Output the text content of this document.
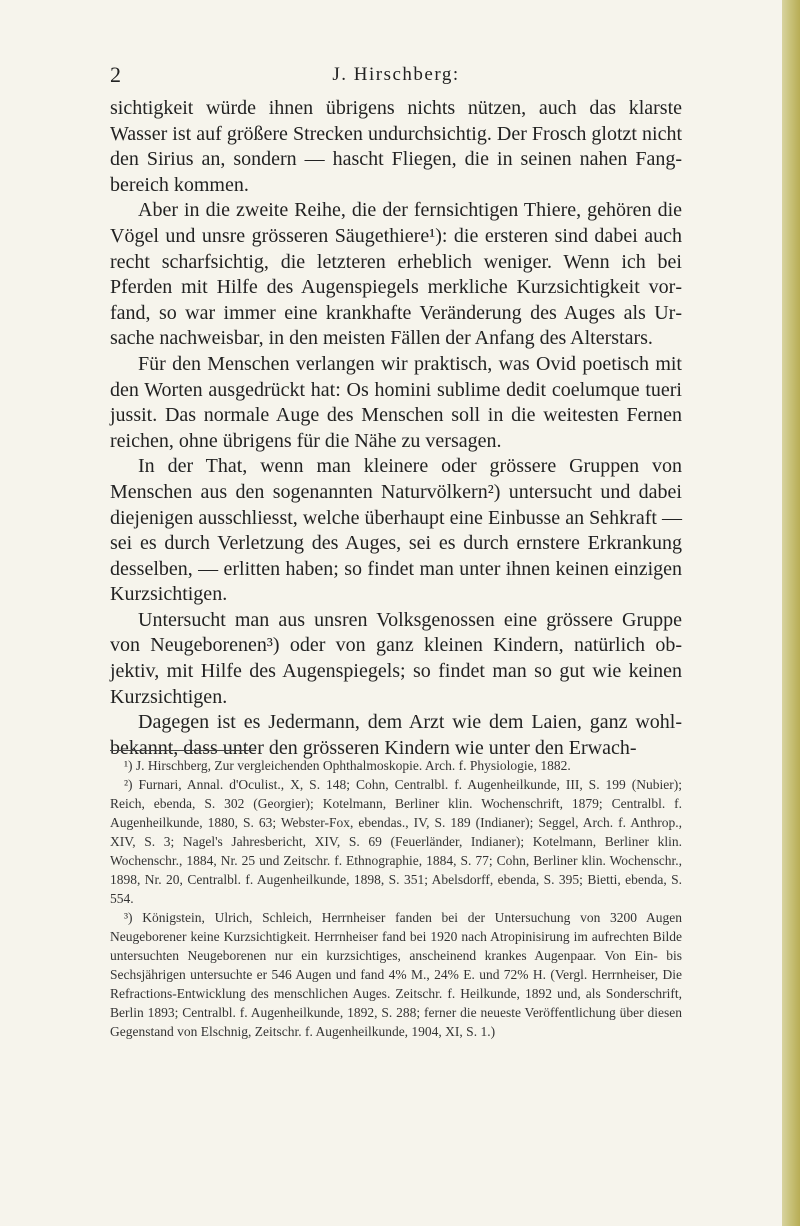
2	J. Hirschberg:

sichtigkeit würde ihnen übrigens nichts nützen, auch das klarste Wasser ist auf größere Strecken undurchsichtig. Der Frosch glotzt nicht den Sirius an, sondern — hascht Fliegen, die in seinen nahen Fangbereich kommen.

Aber in die zweite Reihe, die der fernsichtigen Thiere, gehören die Vögel und unsre grösseren Säugethiere¹): die ersteren sind dabei auch recht scharfsichtig, die letzteren erheblich weniger. Wenn ich bei Pferden mit Hilfe des Augenspiegels merkliche Kurzsichtigkeit vorfand, so war immer eine krankhafte Veränderung des Auges als Ursache nachweisbar, in den meisten Fällen der Anfang des Alterstars.

Für den Menschen verlangen wir praktisch, was Ovid poetisch mit den Worten ausgedrückt hat: Os homini sublime dedit coelumque tueri jussit. Das normale Auge des Menschen soll in die weitesten Fernen reichen, ohne übrigens für die Nähe zu versagen.

In der That, wenn man kleinere oder grössere Gruppen von Menschen aus den sogenannten Naturvölkern²) untersucht und dabei diejenigen ausschliesst, welche überhaupt eine Einbusse an Sehkraft — sei es durch Verletzung des Auges, sei es durch ernstere Erkrankung desselben, — erlitten haben; so findet man unter ihnen keinen einzigen Kurzsichtigen.

Untersucht man aus unsren Volksgenossen eine grössere Gruppe von Neugeborenen³) oder von ganz kleinen Kindern, natürlich objektiv, mit Hilfe des Augenspiegels; so findet man so gut wie keinen Kurzsichtigen.

Dagegen ist es Jedermann, dem Arzt wie dem Laien, ganz wohlbekannt, dass unter den grösseren Kindern wie unter den Erwach-

¹) J. Hirschberg, Zur vergleichenden Ophthalmoskopie. Arch. f. Physiologie, 1882.

²) Furnari, Annal. d'Oculist., X, S. 148; Cohn, Centralbl. f. Augenheilkunde, III, S. 199 (Nubier); Reich, ebenda, S. 302 (Georgier); Kotelmann, Berliner klin. Wochenschrift, 1879; Centralbl. f. Augenheilkunde, 1880, S. 63; Webster-Fox, ebendas., IV, S. 189 (Indianer); Seggel, Arch. f. Anthrop., XIV, S. 3; Nagel's Jahresbericht, XIV, S. 69 (Feuerländer, Indianer); Kotelmann, Berliner klin. Wochenschr., 1884, Nr. 25 und Zeitschr. f. Ethnographie, 1884, S. 77; Cohn, Berliner klin. Wochenschr., 1898, Nr. 20, Centralbl. f. Augenheilkunde, 1898, S. 351; Abelsdorff, ebenda, S. 395; Bietti, ebenda, S. 554.

³) Königstein, Ulrich, Schleich, Herrnheiser fanden bei der Untersuchung von 3200 Augen Neugeborener keine Kurzsichtigkeit. Herrnheiser fand bei 1920 nach Atropinisirung im aufrechten Bilde untersuchten Neugeborenen nur ein kurzsichtiges, anscheinend krankes Augenpaar. Von Ein- bis Sechsjährigen untersuchte er 546 Augen und fand 4% M., 24% E. und 72% H. (Vergl. Herrnheiser, Die Refractions-Entwicklung des menschlichen Auges. Zeitschr. f. Heilkunde, 1892 und, als Sonderschrift, Berlin 1893; Centralbl. f. Augenheilkunde, 1892, S. 288; ferner die neueste Veröffentlichung über diesen Gegenstand von Elschnig, Zeitschr. f. Augenheilkunde, 1904, XI, S. 1.)
